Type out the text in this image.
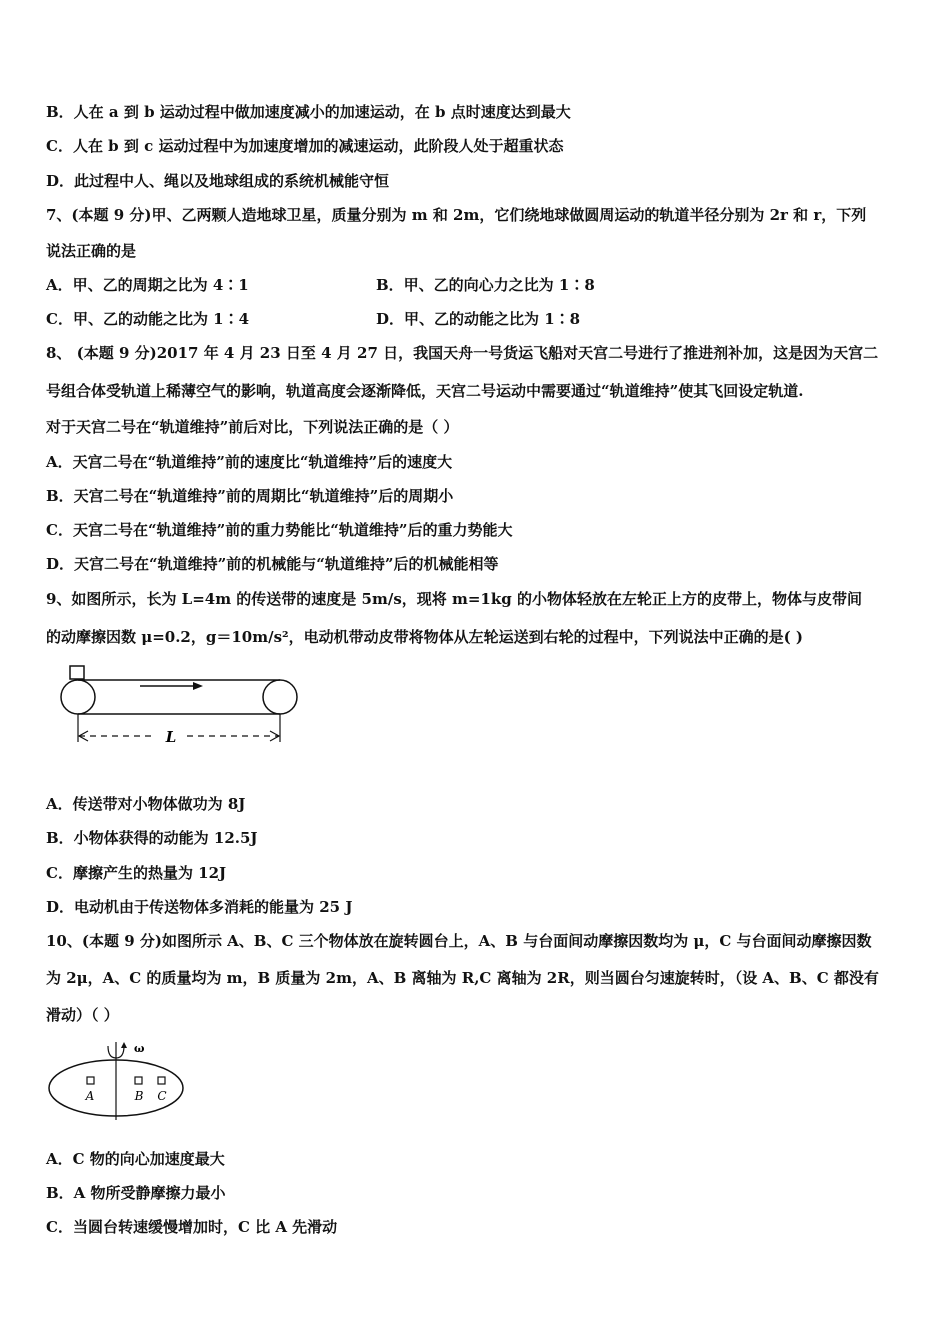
B．人在 a 到 b 运动过程中做加速度减小的加速运动，在 b 点时速度达到最大
C．人在 b 到 c 运动过程中为加速度增加的减速运动，此阶段人处于超重状态
D．此过程中人、绳以及地球组成的系统机械能守恒
7、(本题 9 分)甲、乙两颗人造地球卫星，质量分别为 m 和 2m，它们绕地球做圆周运动的轨道半径分别为 2r 和 r，下列
说法正确的是
A．甲、乙的周期之比为 4∶1	B．甲、乙的向心力之比为 1∶8
C．甲、乙的动能之比为 1∶4	D．甲、乙的动能之比为 1∶8
8、 (本题 9 分)2017 年 4 月 23 日至 4 月 27 日，我国天舟一号货运飞船对天宫二号进行了推进剂补加，这是因为天宫二
号组合体受轨道上稀薄空气的影响，轨道高度会逐渐降低，天宫二号运动中需要通过“轨道维持”使其飞回设定轨道.
对于天宫二号在“轨道维持”前后对比，下列说法正确的是（ ）
A．天宫二号在“轨道维持”前的速度比“轨道维持”后的速度大
B．天宫二号在“轨道维持”前的周期比“轨道维持”后的周期小
C．天宫二号在“轨道维持”前的重力势能比“轨道维持”后的重力势能大
D．天宫二号在“轨道维持”前的机械能与“轨道维持”后的机械能相等
9、如图所示，长为 L=4m 的传送带的速度是 5m/s，现将 m=1kg 的小物体轻放在左轮正上方的皮带上，物体与皮带间
的动摩擦因数 μ=0.2，g＝10m/s²，电动机带动皮带将物体从左轮运送到右轮的过程中，下列说法中正确的是( )
L
A．传送带对小物体做功为 8J
B．小物体获得的动能为 12.5J
C．摩擦产生的热量为 12J
D．电动机由于传送物体多消耗的能量为 25 J
10、(本题 9 分)如图所示 A、B、C 三个物体放在旋转圆台上，A、B 与台面间动摩擦因数均为 μ，C 与台面间动摩擦因数
为 2μ，A、C 的质量均为 m，B 质量为 2m，A、B 离轴为 R,C 离轴为 2R，则当圆台匀速旋转时，（设 A、B、C 都没有
滑动）（ ）
ω
A	B C
A．C 物的向心加速度最大
B．A 物所受静摩擦力最小
C．当圆台转速缓慢增加时，C 比 A 先滑动
